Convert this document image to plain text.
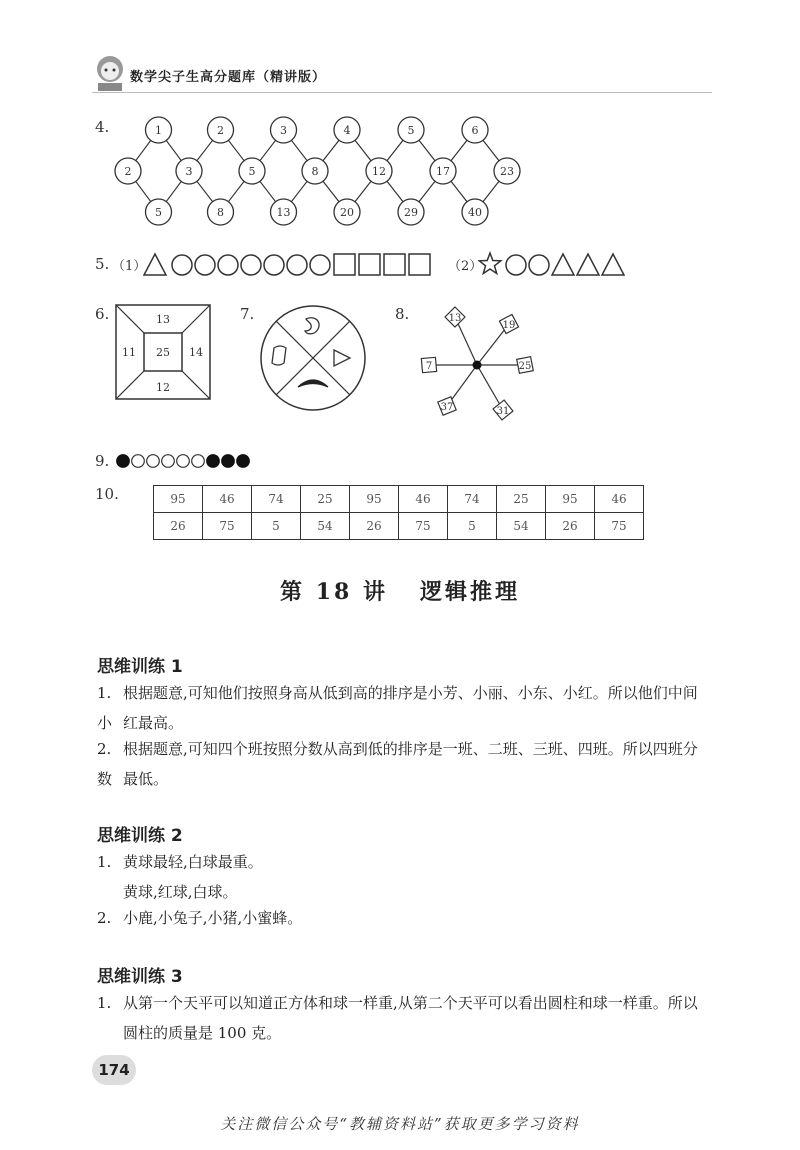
数学尖子生高分题库（精讲版）
4.	1	2	3	4	5	6
2	3	5	8	12	17	23
5	8	13	20	29	40
5. （1）	（2）
6.	13
11 25 14
12
7.	8.	13
19
25
31
37
7
9.
10.	95	46	74	25	95	46	74	25	95	46
26	75	5	54	26	75	5	54	26	75
第 18 讲   逻辑推理
思维训练 1
1. 根据题意,可知他们按照身高从低到高的排序是小芳、小丽、小东、小红。所以他们中间小 红最高。
2. 根据题意,可知四个班按照分数从高到低的排序是一班、二班、三班、四班。所以四班分数 最低。
思维训练 2
1. 黄球最轻,白球最重。
黄球,红球,白球。
2. 小鹿,小兔子,小猪,小蜜蜂。
思维训练 3
1. 从第一个天平可以知道正方体和球一样重,从第二个天平可以看出圆柱和球一样重。所以
圆柱的质量是 100 克。
174
关注微信公众号“教辅资料站”获取更多学习资料
